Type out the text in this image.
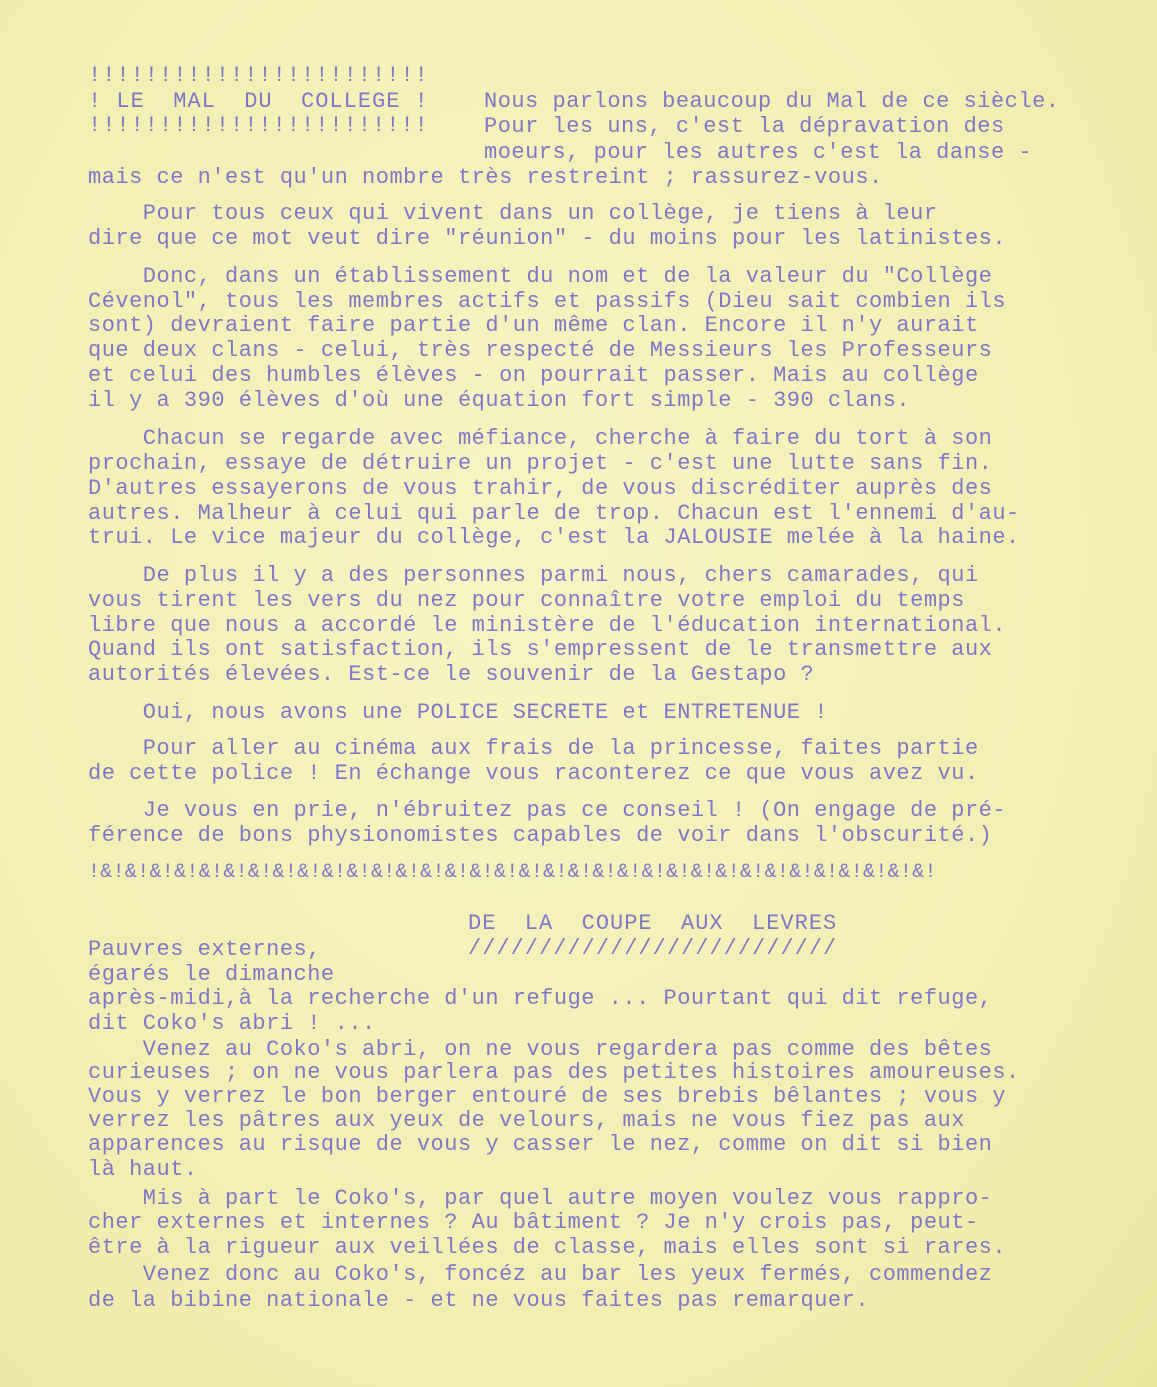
!!!!!!!!!!!!!!!!!!!!!!!!
! LE  MAL  DU  COLLEGE !
!!!!!!!!!!!!!!!!!!!!!!!!
Nous parlons beaucoup du Mal de ce siècle.
Pour les uns, c'est la dépravation des
moeurs, pour les autres c'est la danse -
mais ce n'est qu'un nombre très restreint ; rassurez-vous.
Pour tous ceux qui vivent dans un collège, je tiens à leur
dire que ce mot veut dire "réunion" - du moins pour les latinistes.
Donc, dans un établissement du nom et de la valeur du "Collège
Cévenol", tous les membres actifs et passifs (Dieu sait combien ils
sont) devraient faire partie d'un même clan. Encore il n'y aurait
que deux clans - celui, très respecté de Messieurs les Professeurs
et celui des humbles élèves - on pourrait passer. Mais au collège
il y a 390 élèves d'où une équation fort simple - 390 clans.
Chacun se regarde avec méfiance, cherche à faire du tort à son
prochain, essaye de détruire un projet - c'est une lutte sans fin.
D'autres essayerons de vous trahir, de vous discréditer auprès des
autres. Malheur à celui qui parle de trop. Chacun est l'ennemi d'au-
trui. Le vice majeur du collège, c'est la JALOUSIE melée à la haine.
De plus il y a des personnes parmi nous, chers camarades, qui
vous tirent les vers du nez pour connaître votre emploi du temps
libre que nous a accordé le ministère de l'éducation international.
Quand ils ont satisfaction, ils s'empressent de le transmettre aux
autorités élevées. Est-ce le souvenir de la Gestapo ?
Oui, nous avons une POLICE SECRETE et ENTRETENUE !
Pour aller au cinéma aux frais de la princesse, faites partie
de cette police ! En échange vous raconterez ce que vous avez vu.
Je vous en prie, n'ébruitez pas ce conseil ! (On engage de pré-
férence de bons physionomistes capables de voir dans l'obscurité.)
!&!&!&!&!&!&!&!&!&!&!&!&!&!&!&!&!&!&!&!&!&!&!&!&!&!&!&!&!&!&!&!&!&!&!
DE  LA  COUPE  AUX  LEVRES
//////////////////////////
Pauvres externes,
égarés le dimanche
après-midi,à la recherche d'un refuge ... Pourtant qui dit refuge,
dit Coko's abri ! ...
Venez au Coko's abri, on ne vous regardera pas comme des bêtes
curieuses ; on ne vous parlera pas des petites histoires amoureuses.
Vous y verrez le bon berger entouré de ses brebis bêlantes ; vous y
verrez les pâtres aux yeux de velours, mais ne vous fiez pas aux
apparences au risque de vous y casser le nez, comme on dit si bien
là haut.
Mis à part le Coko's, par quel autre moyen voulez vous rappro-
cher externes et internes ? Au bâtiment ? Je n'y crois pas, peut-
être à la rigueur aux veillées de classe, mais elles sont si rares.
Venez donc au Coko's, foncéz au bar les yeux fermés, commendez
de la bibine nationale - et ne vous faites pas remarquer.
